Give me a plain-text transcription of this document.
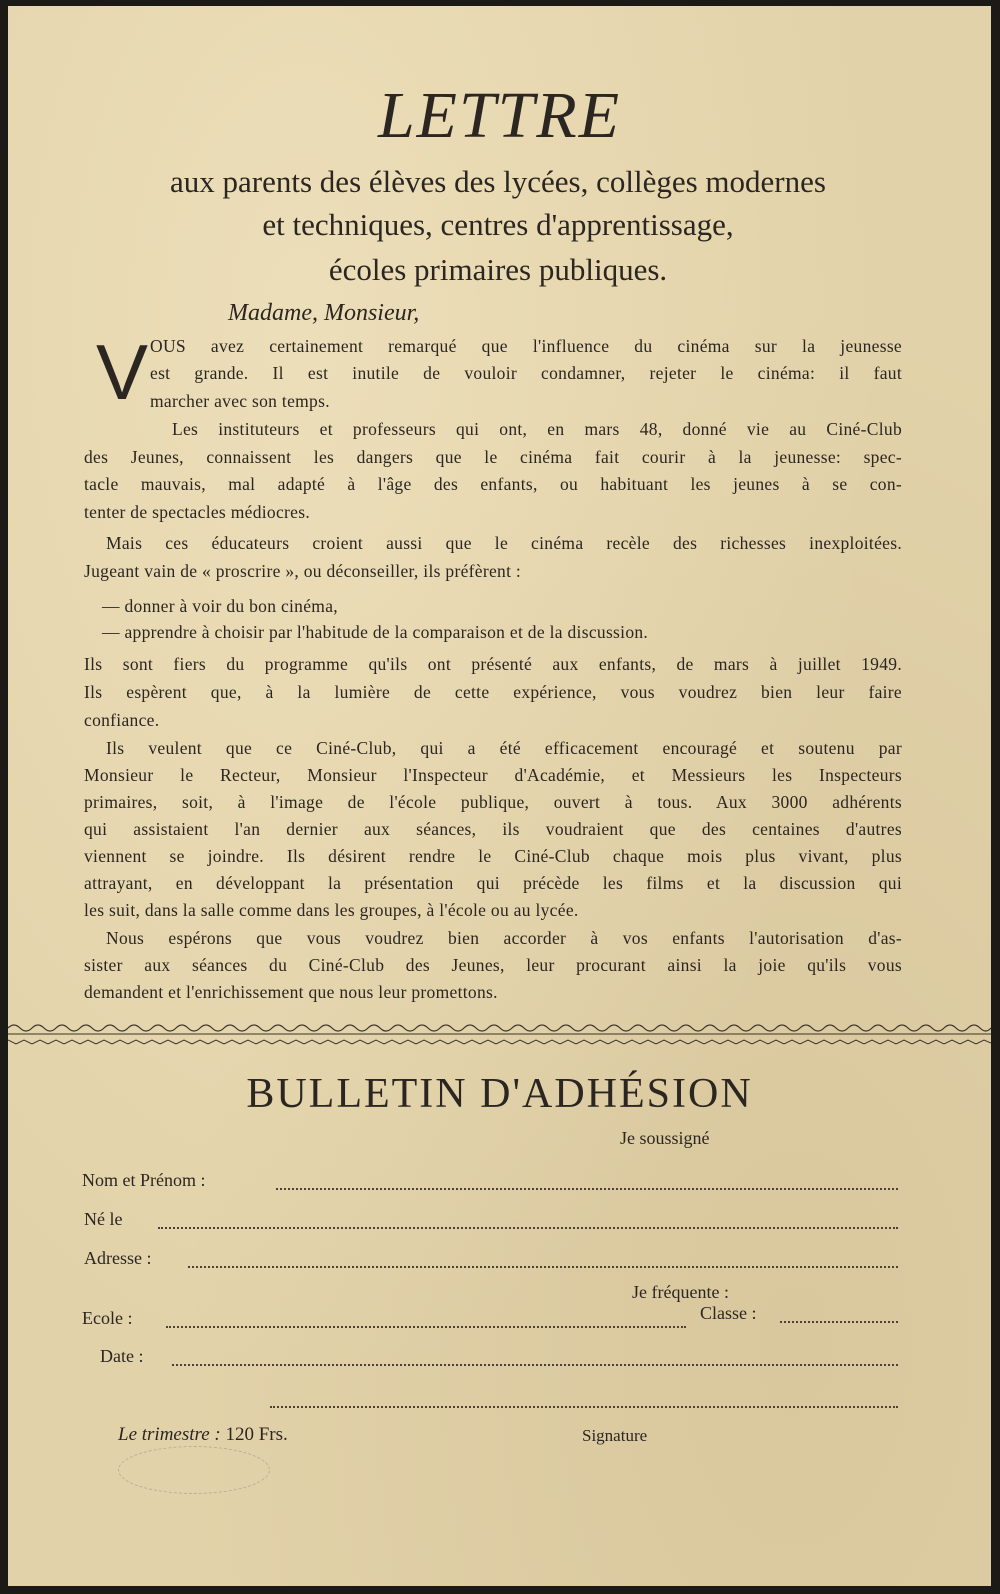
LETTRE
aux parents des élèves des lycées, collèges modernes
et techniques, centres d'apprentissage,
écoles primaires publiques.
Madame, Monsieur,
V OUS avez certainement remarqué que l'influence du cinéma sur la jeunesse
est grande. Il est inutile de vouloir condamner, rejeter le cinéma: il faut
marcher avec son temps.
Les instituteurs et professeurs qui ont, en mars 48, donné vie au Ciné-Club
des Jeunes, connaissent les dangers que le cinéma fait courir à la jeunesse: spec-
tacle mauvais, mal adapté à l'âge des enfants, ou habituant les jeunes à se con-
tenter de spectacles médiocres.
Mais ces éducateurs croient aussi que le cinéma recèle des richesses inexploitées.
Jugeant vain de « proscrire », ou déconseiller, ils préfèrent :
— donner à voir du bon cinéma,
— apprendre à choisir par l'habitude de la comparaison et de la discussion.
Ils sont fiers du programme qu'ils ont présenté aux enfants, de mars à juillet 1949.
Ils espèrent que, à la lumière de cette expérience, vous voudrez bien leur faire
confiance.
Ils veulent que ce Ciné-Club, qui a été efficacement encouragé et soutenu par
Monsieur le Recteur, Monsieur l'Inspecteur d'Académie, et Messieurs les Inspecteurs
primaires, soit, à l'image de l'école publique, ouvert à tous. Aux 3000 adhérents
qui assistaient l'an dernier aux séances, ils voudraient que des centaines d'autres
viennent se joindre. Ils désirent rendre le Ciné-Club chaque mois plus vivant, plus
attrayant, en développant la présentation qui précède les films et la discussion qui
les suit, dans la salle comme dans les groupes, à l'école ou au lycée.
Nous espérons que vous voudrez bien accorder à vos enfants l'autorisation d'as-
sister aux séances du Ciné-Club des Jeunes, leur procurant ainsi la joie qu'ils vous
demandent et l'enrichissement que nous leur promettons.
BULLETIN D'ADHÉSION
Je soussigné
Nom et Prénom :
Né le
Adresse :
Je fréquente :
Ecole :	Classe :
Date :
Le trimestre : 120 Frs.	Signature
